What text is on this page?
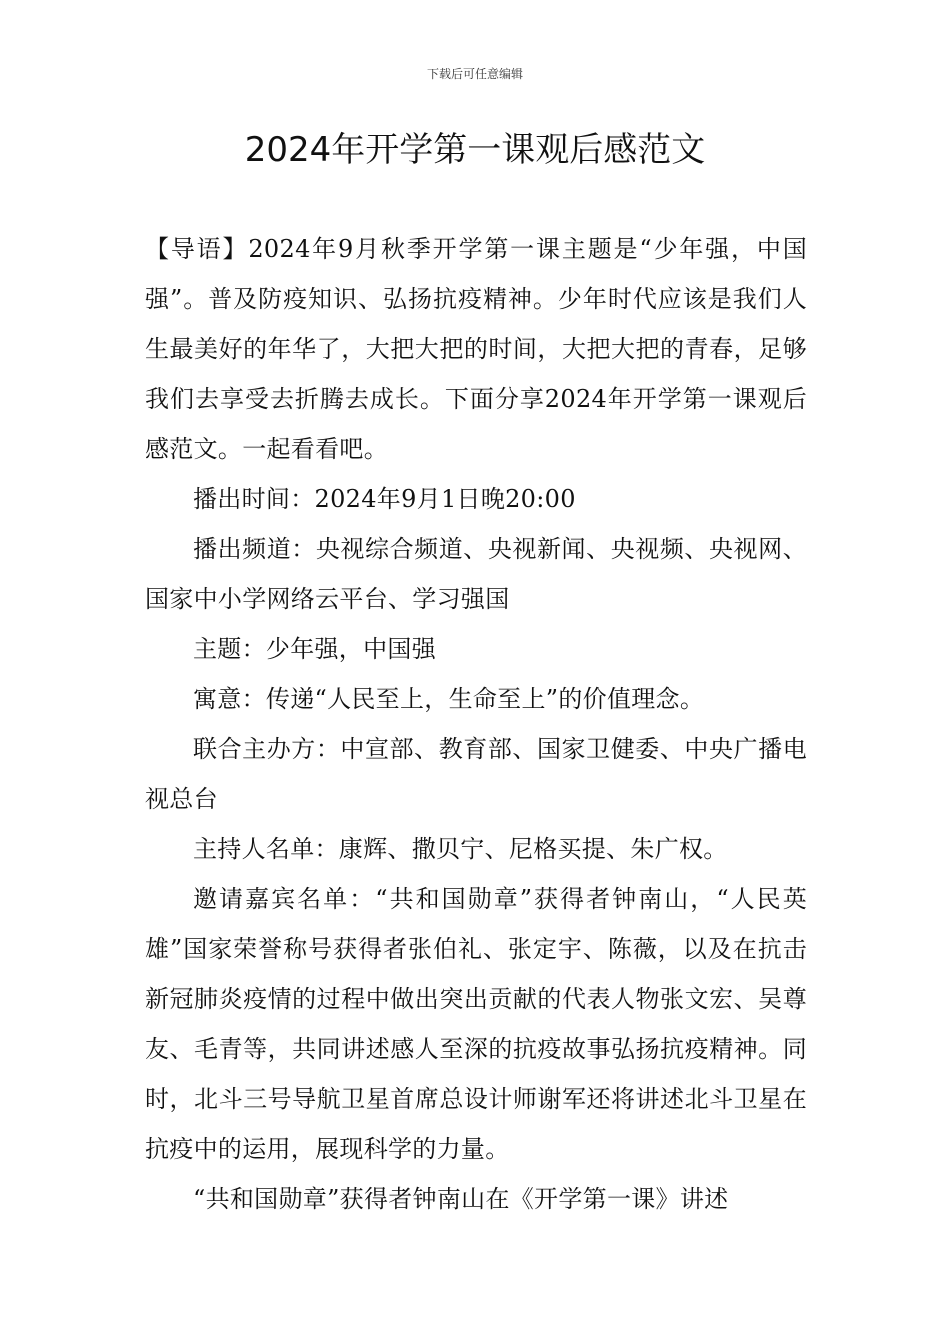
下载后可任意编辑
2024年开学第一课观后感范文

【导语】2024年9月秋季开学第一课主题是“少年强，中国强”。普及防疫知识、弘扬抗疫精神。少年时代应该是我们人生最美好的年华了，大把大把的时间，大把大把的青春，足够我们去享受去折腾去成长。下面分享2024年开学第一课观后感范文。一起看看吧。

播出时间：2024年9月1日晚20:00

播出频道：央视综合频道、央视新闻、央视频、央视网、国家中小学网络云平台、学习强国

主题：少年强，中国强

寓意：传递“人民至上，生命至上”的价值理念。

联合主办方：中宣部、教育部、国家卫健委、中央广播电视总台

主持人名单：康辉、撒贝宁、尼格买提、朱广权。

邀请嘉宾名单：“共和国勋章”获得者钟南山，“人民英雄”国家荣誉称号获得者张伯礼、张定宇、陈薇，以及在抗击新冠肺炎疫情的过程中做出突出贡献的代表人物张文宏、吴尊友、毛青等，共同讲述感人至深的抗疫故事弘扬抗疫精神。同时，北斗三号导航卫星首席总设计师谢军还将讲述北斗卫星在抗疫中的运用，展现科学的力量。

“共和国勋章”获得者钟南山在《开学第一课》讲述
